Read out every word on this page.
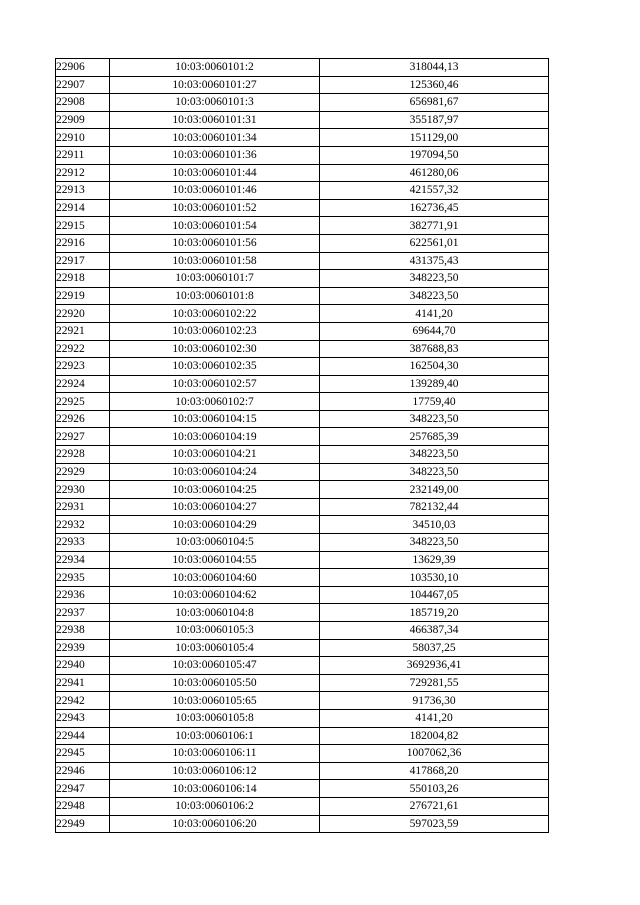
22906	10:03:0060101:2	318044,13
22907	10:03:0060101:27	125360,46
22908	10:03:0060101:3	656981,67
22909	10:03:0060101:31	355187,97
22910	10:03:0060101:34	151129,00
22911	10:03:0060101:36	197094,50
22912	10:03:0060101:44	461280,06
22913	10:03:0060101:46	421557,32
22914	10:03:0060101:52	162736,45
22915	10:03:0060101:54	382771,91
22916	10:03:0060101:56	622561,01
22917	10:03:0060101:58	431375,43
22918	10:03:0060101:7	348223,50
22919	10:03:0060101:8	348223,50
22920	10:03:0060102:22	4141,20
22921	10:03:0060102:23	69644,70
22922	10:03:0060102:30	387688,83
22923	10:03:0060102:35	162504,30
22924	10:03:0060102:57	139289,40
22925	10:03:0060102:7	17759,40
22926	10:03:0060104:15	348223,50
22927	10:03:0060104:19	257685,39
22928	10:03:0060104:21	348223,50
22929	10:03:0060104:24	348223,50
22930	10:03:0060104:25	232149,00
22931	10:03:0060104:27	782132,44
22932	10:03:0060104:29	34510,03
22933	10:03:0060104:5	348223,50
22934	10:03:0060104:55	13629,39
22935	10:03:0060104:60	103530,10
22936	10:03:0060104:62	104467,05
22937	10:03:0060104:8	185719,20
22938	10:03:0060105:3	466387,34
22939	10:03:0060105:4	58037,25
22940	10:03:0060105:47	3692936,41
22941	10:03:0060105:50	729281,55
22942	10:03:0060105:65	91736,30
22943	10:03:0060105:8	4141,20
22944	10:03:0060106:1	182004,82
22945	10:03:0060106:11	1007062,36
22946	10:03:0060106:12	417868,20
22947	10:03:0060106:14	550103,26
22948	10:03:0060106:2	276721,61
22949	10:03:0060106:20	597023,59
